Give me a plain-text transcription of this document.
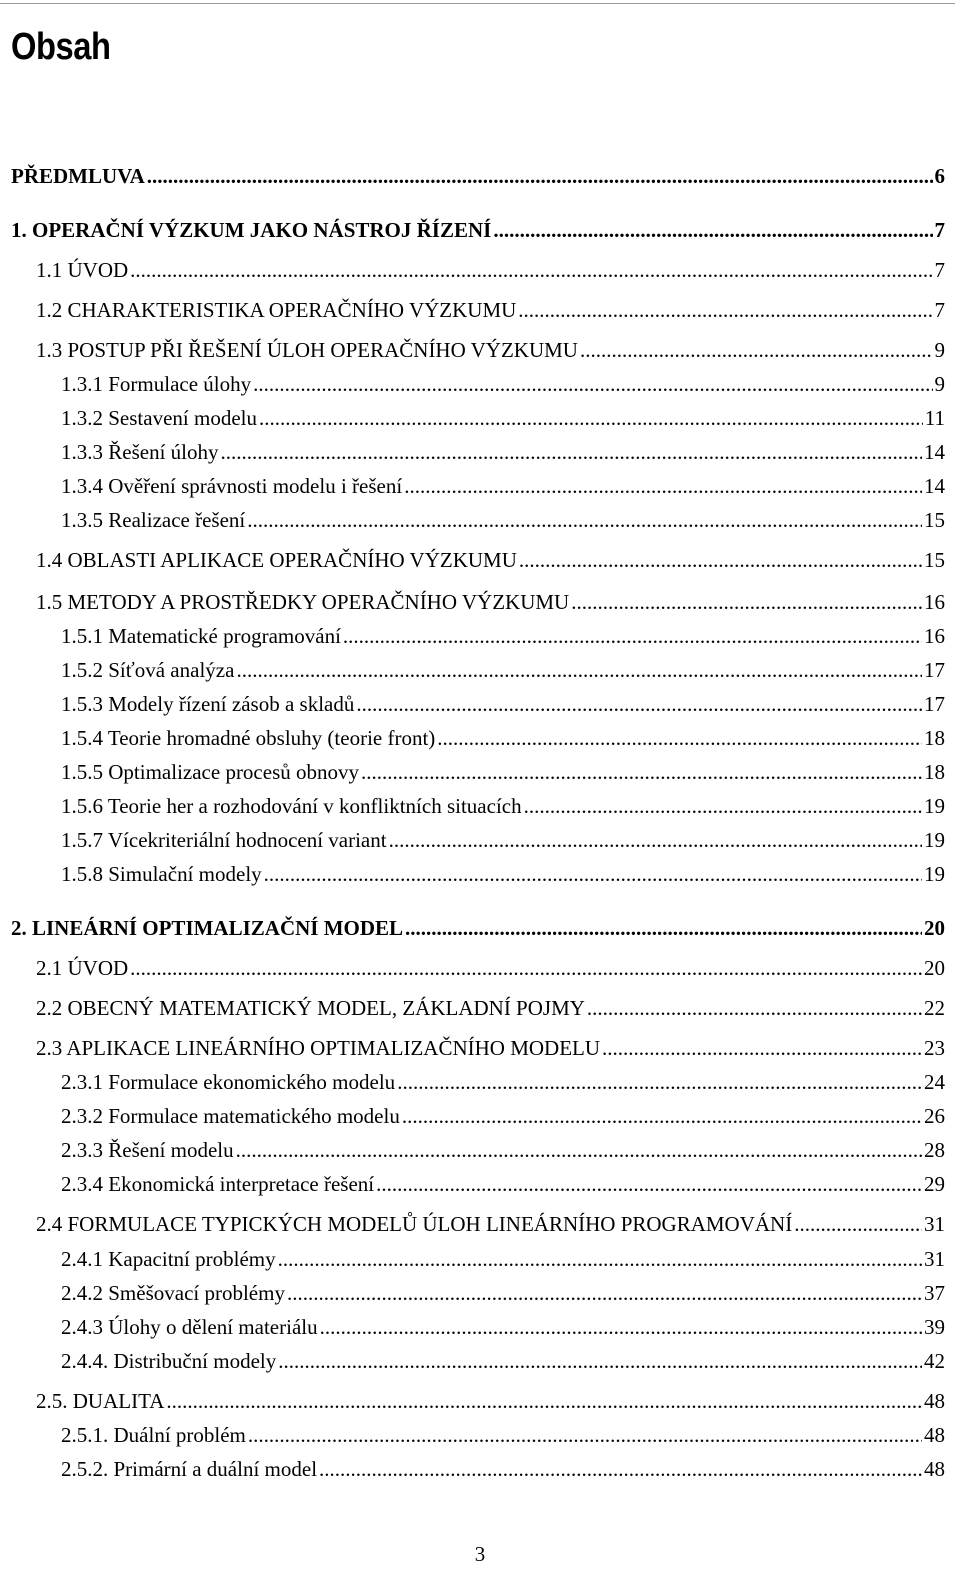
Obsah
PŘEDMLUVA .....	6
1. OPERAČNÍ VÝZKUM JAKO NÁSTROJ ŘÍZENÍ .....	7
1.1 ÚVOD .....	7
1.2 CHARAKTERISTIKA OPERAČNÍHO VÝZKUMU .....	7
1.3 POSTUP PŘI ŘEŠENÍ ÚLOH OPERAČNÍHO VÝZKUMU .....	9
1.3.1 Formulace úlohy .....	9
1.3.2 Sestavení modelu .....	11
1.3.3 Řešení úlohy .....	14
1.3.4 Ověření správnosti modelu i řešení .....	14
1.3.5 Realizace řešení .....	15
1.4 OBLASTI APLIKACE OPERAČNÍHO VÝZKUMU .....	15
1.5 METODY A PROSTŘEDKY OPERAČNÍHO VÝZKUMU .....	16
1.5.1 Matematické programování .....	16
1.5.2 Síťová analýza .....	17
1.5.3 Modely řízení zásob a skladů .....	17
1.5.4 Teorie hromadné obsluhy (teorie front) .....	18
1.5.5 Optimalizace procesů obnovy .....	18
1.5.6 Teorie her a rozhodování v konfliktních situacích .....	19
1.5.7 Vícekriteriální hodnocení variant .....	19
1.5.8 Simulační modely .....	19
2. LINEÁRNÍ OPTIMALIZAČNÍ MODEL .....	20
2.1 ÚVOD .....	20
2.2 OBECNÝ MATEMATICKÝ MODEL, ZÁKLADNÍ POJMY .....	22
2.3 APLIKACE LINEÁRNÍHO OPTIMALIZAČNÍHO MODELU .....	23
2.3.1 Formulace ekonomického modelu .....	24
2.3.2 Formulace matematického modelu .....	26
2.3.3 Řešení modelu .....	28
2.3.4 Ekonomická interpretace řešení .....	29
2.4 FORMULACE TYPICKÝCH MODELŮ ÚLOH LINEÁRNÍHO PROGRAMOVÁNÍ .....	31
2.4.1 Kapacitní problémy .....	31
2.4.2 Směšovací problémy .....	37
2.4.3 Úlohy o dělení materiálu .....	39
2.4.4. Distribuční modely .....	42
2.5. DUALITA .....	48
2.5.1. Duální problém .....	48
2.5.2. Primární a duální model .....	48
3
